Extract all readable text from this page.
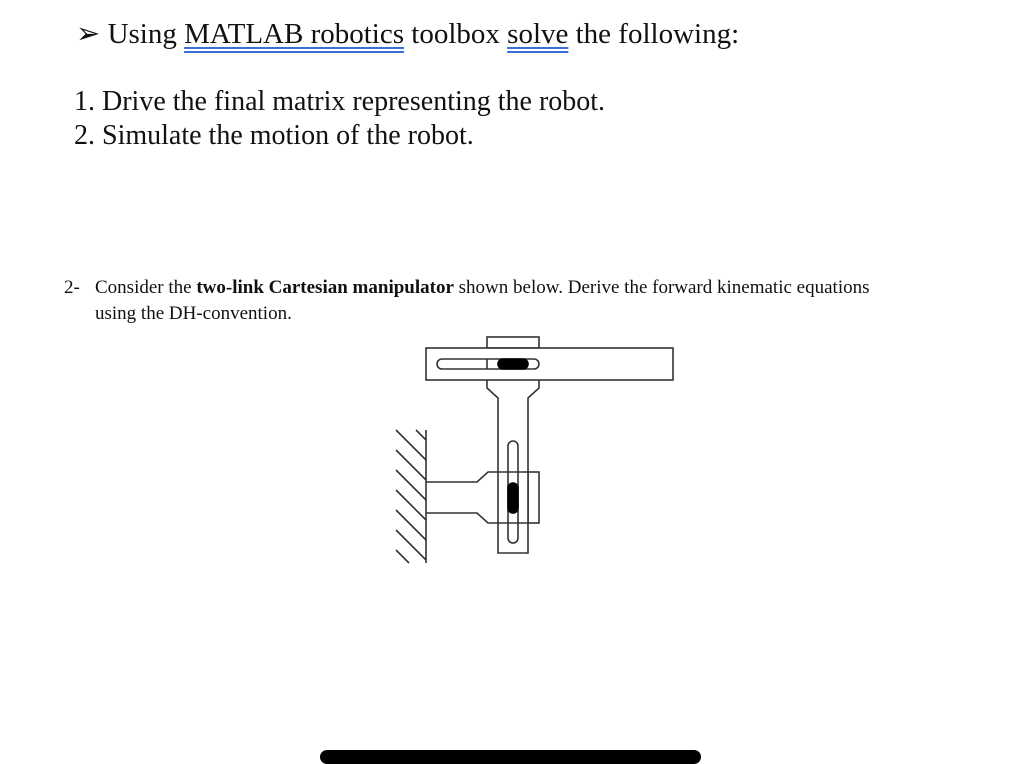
➢ Using MATLAB robotics toolbox solve the following:
1. Drive the final matrix representing the robot.
2. Simulate the motion of the robot.
2- Consider the two-link Cartesian manipulator shown below. Derive the forward kinematic equations
using the DH-convention.
